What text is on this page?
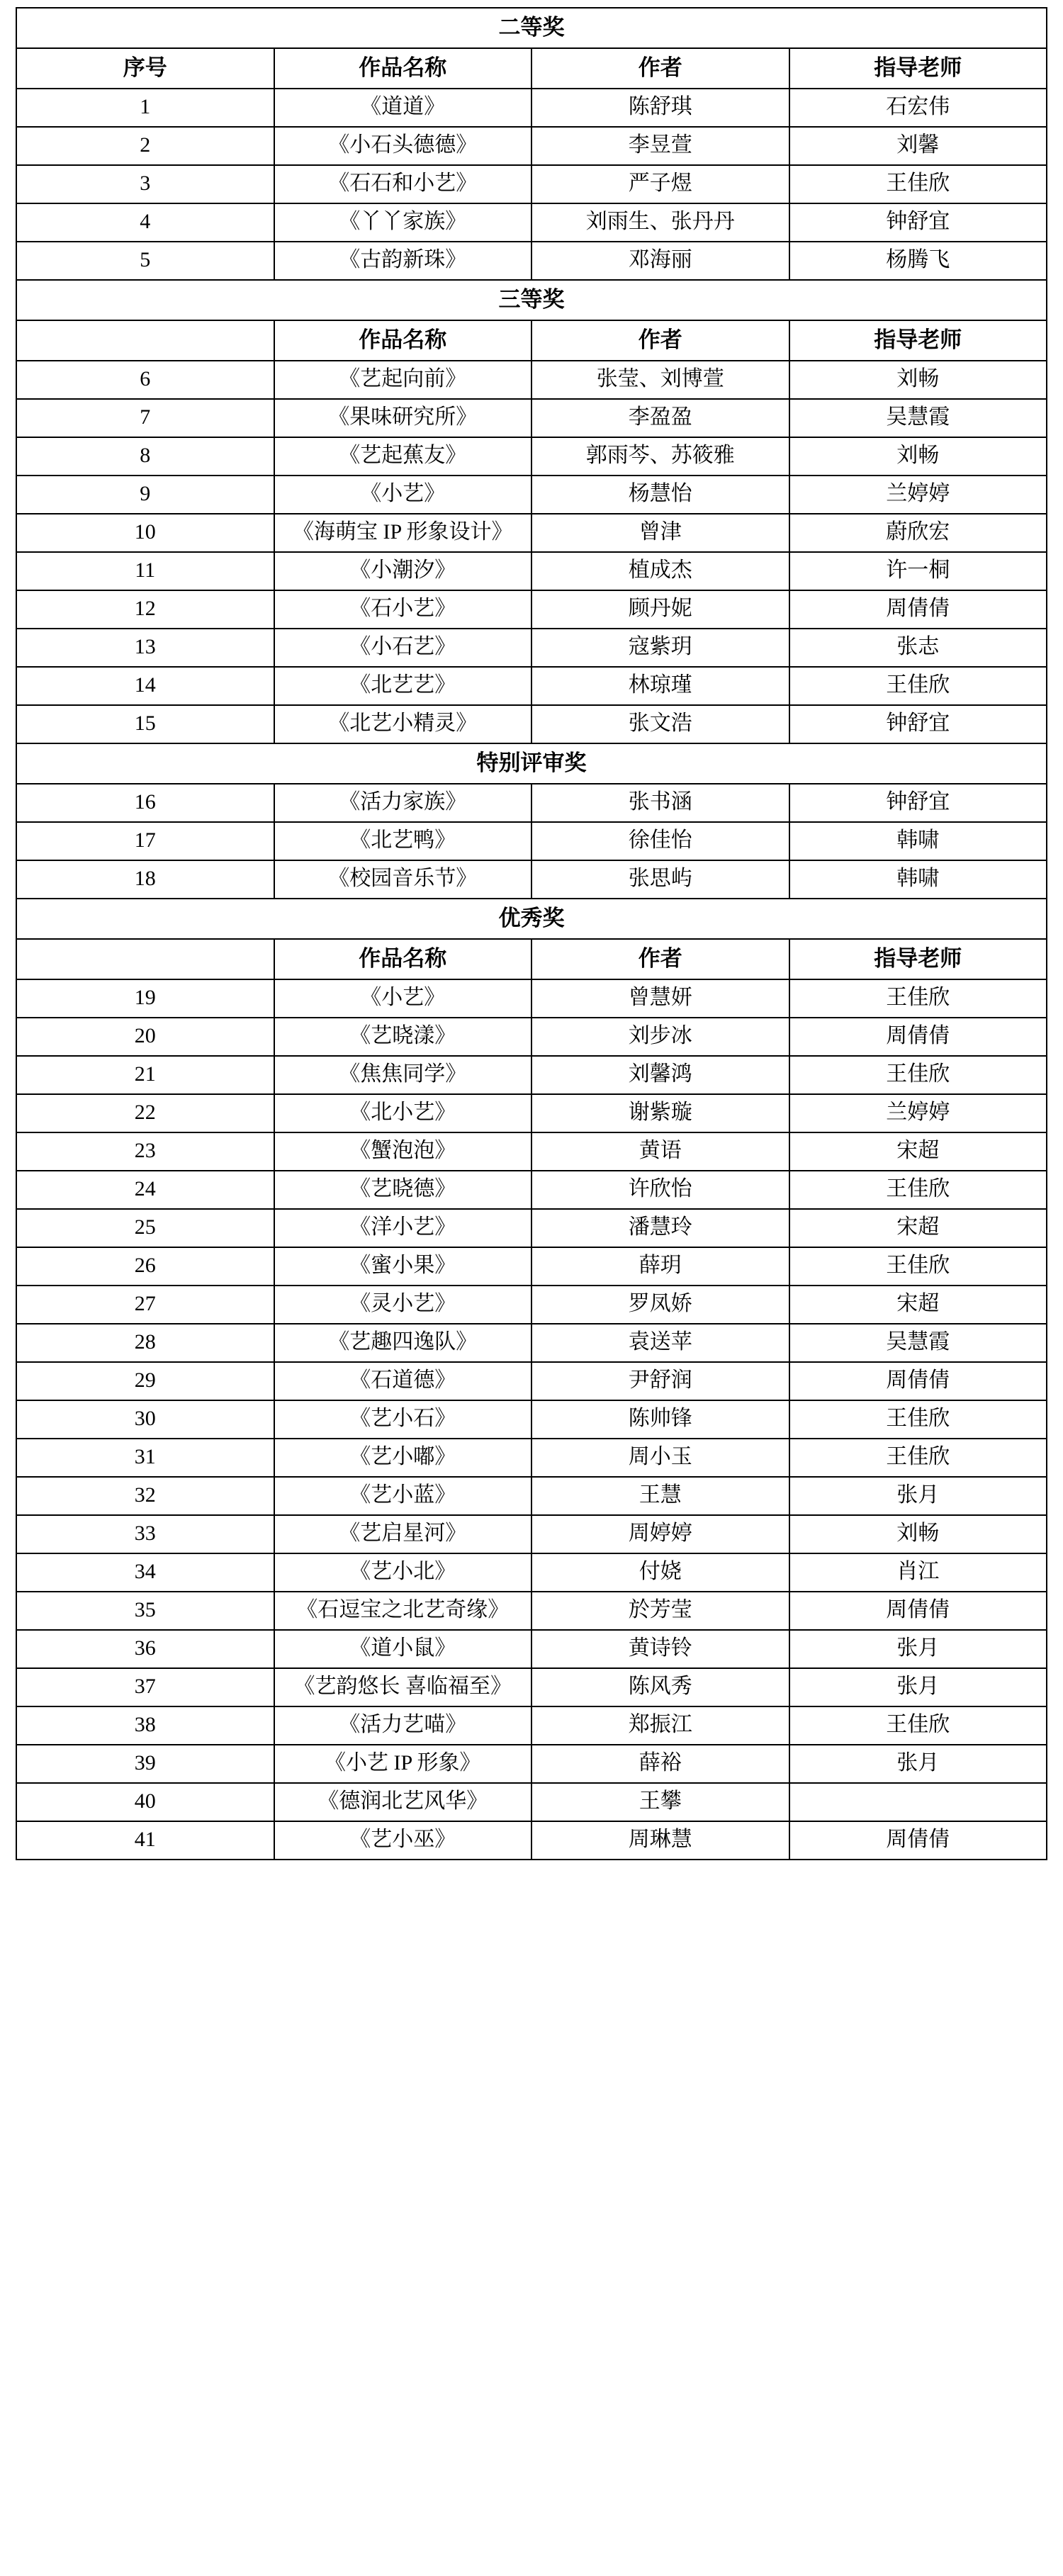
二等奖			
序号	作品名称	作者	指导老师
1	《道道》	陈舒琪	石宏伟
2	《小石头德德》	李昱萱	刘馨
3	《石石和小艺》	严子煜	王佳欣
4	《丫丫家族》	刘雨生、张丹丹	钟舒宜
5	《古韵新珠》	邓海丽	杨腾飞
三等奖			
	作品名称	作者	指导老师
6	《艺起向前》	张莹、刘博萱	刘畅
7	《果味研究所》	李盈盈	吴慧霞
8	《艺起蕉友》	郭雨芩、苏筱雅	刘畅
9	《小艺》	杨慧怡	兰婷婷
10	《海萌宝 IP 形象设计》	曾津	蔚欣宏
11	《小潮汐》	植成杰	许一桐
12	《石小艺》	顾丹妮	周倩倩
13	《小石艺》	寇紫玥	张志
14	《北艺艺》	林琼瑾	王佳欣
15	《北艺小精灵》	张文浩	钟舒宜
特别评审奖			
16	《活力家族》	张书涵	钟舒宜
17	《北艺鸭》	徐佳怡	韩啸
18	《校园音乐节》	张思屿	韩啸
优秀奖			
	作品名称	作者	指导老师
19	《小艺》	曾慧妍	王佳欣
20	《艺晓漾》	刘步冰	周倩倩
21	《焦焦同学》	刘馨鸿	王佳欣
22	《北小艺》	谢紫璇	兰婷婷
23	《蟹泡泡》	黄语	宋超
24	《艺晓德》	许欣怡	王佳欣
25	《洋小艺》	潘慧玲	宋超
26	《蜜小果》	薛玥	王佳欣
27	《灵小艺》	罗凤娇	宋超
28	《艺趣四逸队》	袁送苹	吴慧霞
29	《石道德》	尹舒润	周倩倩
30	《艺小石》	陈帅锋	王佳欣
31	《艺小嘟》	周小玉	王佳欣
32	《艺小蓝》	王慧	张月
33	《艺启星河》	周婷婷	刘畅
34	《艺小北》	付娆	肖江
35	《石逗宝之北艺奇缘》	於芳莹	周倩倩
36	《道小鼠》	黄诗铃	张月
37	《艺韵悠长 喜临福至》	陈风秀	张月
38	《活力艺喵》	郑振江	王佳欣
39	《小艺 IP 形象》	薛裕	张月
40	《德润北艺风华》	王攀	
41	《艺小巫》	周琳慧	周倩倩
